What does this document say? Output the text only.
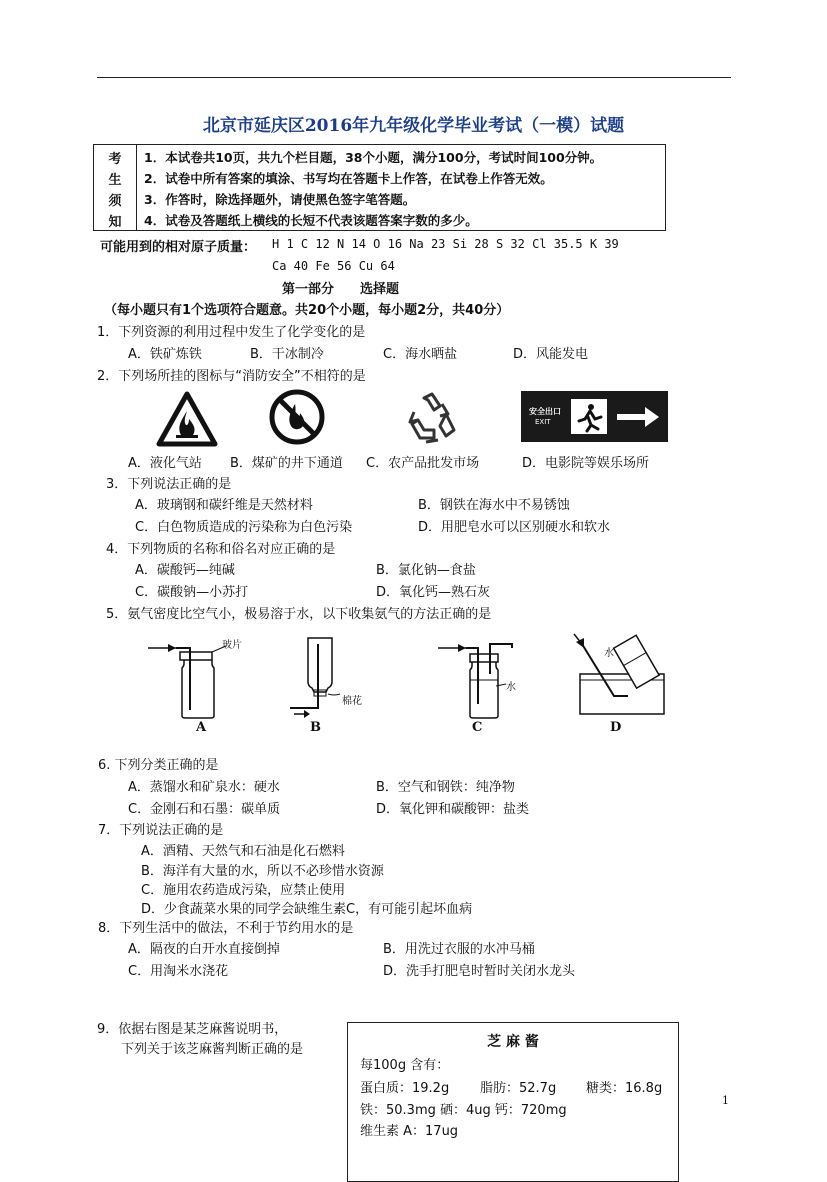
北京市延庆区2016年九年级化学毕业考试（一模）试题
考
生
须
知
1．本试卷共10页，共九个栏目题，38个小题，满分100分，考试时间100分钟。
2．试卷中所有答案的填涂、书写均在答题卡上作答，在试卷上作答无效。
3．作答时，除选择题外，请使黑色签字笔答题。
4．试卷及答题纸上横线的长短不代表该题答案字数的多少。
可能用到的相对原子质量： H 1 C 12 N 14 O 16 Na 23 Si 28 S 32 Cl 35.5 K 39
Ca 40 Fe 56 Cu 64
第一部分　　选择题
（每小题只有1个选项符合题意。共20个小题，每小题2分，共40分）
1．下列资源的利用过程中发生了化学变化的是
A．铁矿炼铁	B．干冰制冷	C．海水晒盐	D．风能发电
2．下列场所挂的图标与“消防安全”不相符的是
安全出口
EXIT
A．液化气站 B．煤矿的井下通道 C．农产品批发市场	D．电影院等娱乐场所
3．下列说法正确的是
A．玻璃钢和碳纤维是天然材料	B．钢铁在海水中不易锈蚀
C．白色物质造成的污染称为白色污染	D．用肥皂水可以区别硬水和软水
4．下列物质的名称和俗名对应正确的是
A．碳酸钙—纯碱	B．氯化钠—食盐
C．碳酸钠—小苏打	D．氧化钙—熟石灰
5．氨气密度比空气小，极易溶于水，以下收集氨气的方法正确的是
玻片
A
棉花
B
水
C
水
D
6. 下列分类正确的是
A．蒸馏水和矿泉水：硬水	B．空气和钢铁：纯净物
C．金刚石和石墨：碳单质	D．氧化钾和碳酸钾：盐类
7．下列说法正确的是
A．酒精、天然气和石油是化石燃料
B．海洋有大量的水，所以不必珍惜水资源
C．施用农药造成污染，应禁止使用
D．少食蔬菜水果的同学会缺维生素C，有可能引起坏血病
8．下列生活中的做法，不利于节约用水的是
A．隔夜的白开水直接倒掉	B．用洗过衣服的水冲马桶
C．用淘米水浇花	D．洗手打肥皂时暂时关闭水龙头
9．依据右图是某芝麻酱说明书，
下列关于该芝麻酱判断正确的是	芝 麻 酱
每100g 含有：
蛋白质：19.2g 脂肪：52.7g 糖类：16.8g
铁：50.3mg 硒：4ug 钙：720mg
维生素 A：17ug
1
